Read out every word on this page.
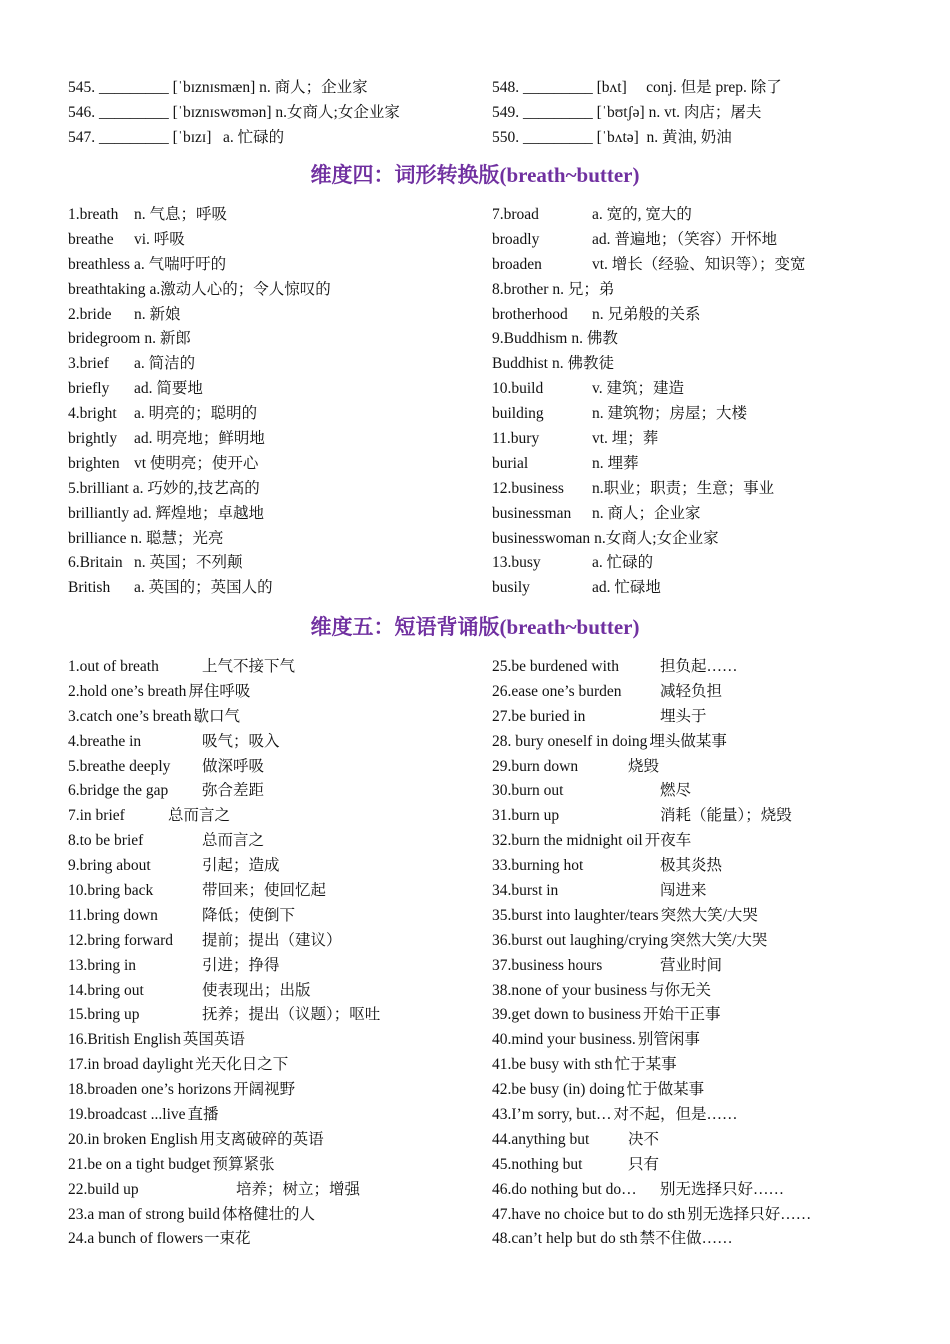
545. _________ [ˈbɪznɪsmæn] n. 商人；企业家
546. _________ [ˈbɪznɪswʊmən] n.女商人;女企业家
547. _________ [ˈbɪzɪ]   a. 忙碌的
548. _________ [bʌt]     conj. 但是 prep. 除了
549. _________ [ˈbʊtʃə] n. vt. 肉店；屠夫
550. _________ [ˈbʌtə]  n. 黄油, 奶油
维度四：词形转换版(breath~butter)
1.breath n. 气息；呼吸
breathe vi. 呼吸
breathless a. 气喘吁吁的
breathtaking a.激动人心的；令人惊叹的
2.bride n. 新娘
bridegroom n. 新郎
3.brief a. 简洁的
briefly ad. 简要地
4.bright a. 明亮的；聪明的
brightly ad. 明亮地；鲜明地
brighten vt 使明亮；使开心
5.brilliant a. 巧妙的,技艺高的
brilliantly ad. 辉煌地；卓越地
brilliance n. 聪慧；光亮
6.Britain n. 英国；不列颠
British a. 英国的；英国人的
7.broad	a. 宽的, 宽大的
broadly	ad. 普遍地；（笑容）开怀地
broaden	vt. 增长（经验、知识等）；变宽
8.brother n. 兄；弟
brotherhood n. 兄弟般的关系
9.Buddhism n. 佛教
Buddhist n. 佛教徒
10.build	v. 建筑；建造
building	n. 建筑物；房屋；大楼
11.bury	vt. 埋；葬
burial	n. 埋葬
12.business n.职业；职责；生意；事业
businessman n. 商人；企业家
businesswoman n.女商人;女企业家
13.busy	a. 忙碌的
busily	ad. 忙碌地
维度五：短语背诵版(breath~butter)
1.out of breath	上气不接下气
2.hold one’s breath 屏住呼吸
3.catch one’s breath 歇口气
4.breathe in	吸气；吸入
5.breathe deeply 做深呼吸
6.bridge the gap 弥合差距
7.in brief	总而言之
8.to be brief	总而言之
9.bring about	引起；造成
10.bring back	带回来；使回忆起
11.bring down	降低；使倒下
12.bring forward 提前；提出（建议）
13.bring in	引进；挣得
14.bring out	使表现出；出版
15.bring up	抚养；提出（议题）；呕吐
16.British English 英国英语
17.in broad daylight 光天化日之下
18.broaden one’s horizons 开阔视野
19.broadcast ...live 直播
20.in broken English 用支离破碎的英语
21.be on a tight budget 预算紧张
22.build up	培养；树立；增强
23.a man of strong build 体格健壮的人
24.a bunch of flowers一束花
25.be burdened with	担负起……
26.ease one’s burden 减轻负担
27.be buried in	埋头于
28. bury oneself in doing 埋头做某事
29.burn down	烧毁
30.burn out	燃尽
31.burn up	消耗（能量）；烧毁
32.burn the midnight oil 开夜车
33.burning hot	极其炎热
34.burst in	闯进来
35.burst into laughter/tears 突然大笑/大哭
36.burst out laughing/crying 突然大笑/大哭
37.business hours	营业时间
38.none of your business 与你无关
39.get down to business 开始干正事
40.mind your business. 别管闲事
41.be busy with sth 忙于某事
42.be busy (in) doing 忙于做某事
43.I’m sorry, but… 对不起，但是……
44.anything but 决不
45.nothing but	只有
46.do nothing but do… 别无选择只好……
47.have no choice but to do sth 别无选择只好……
48.can’t help but do sth 禁不住做……
